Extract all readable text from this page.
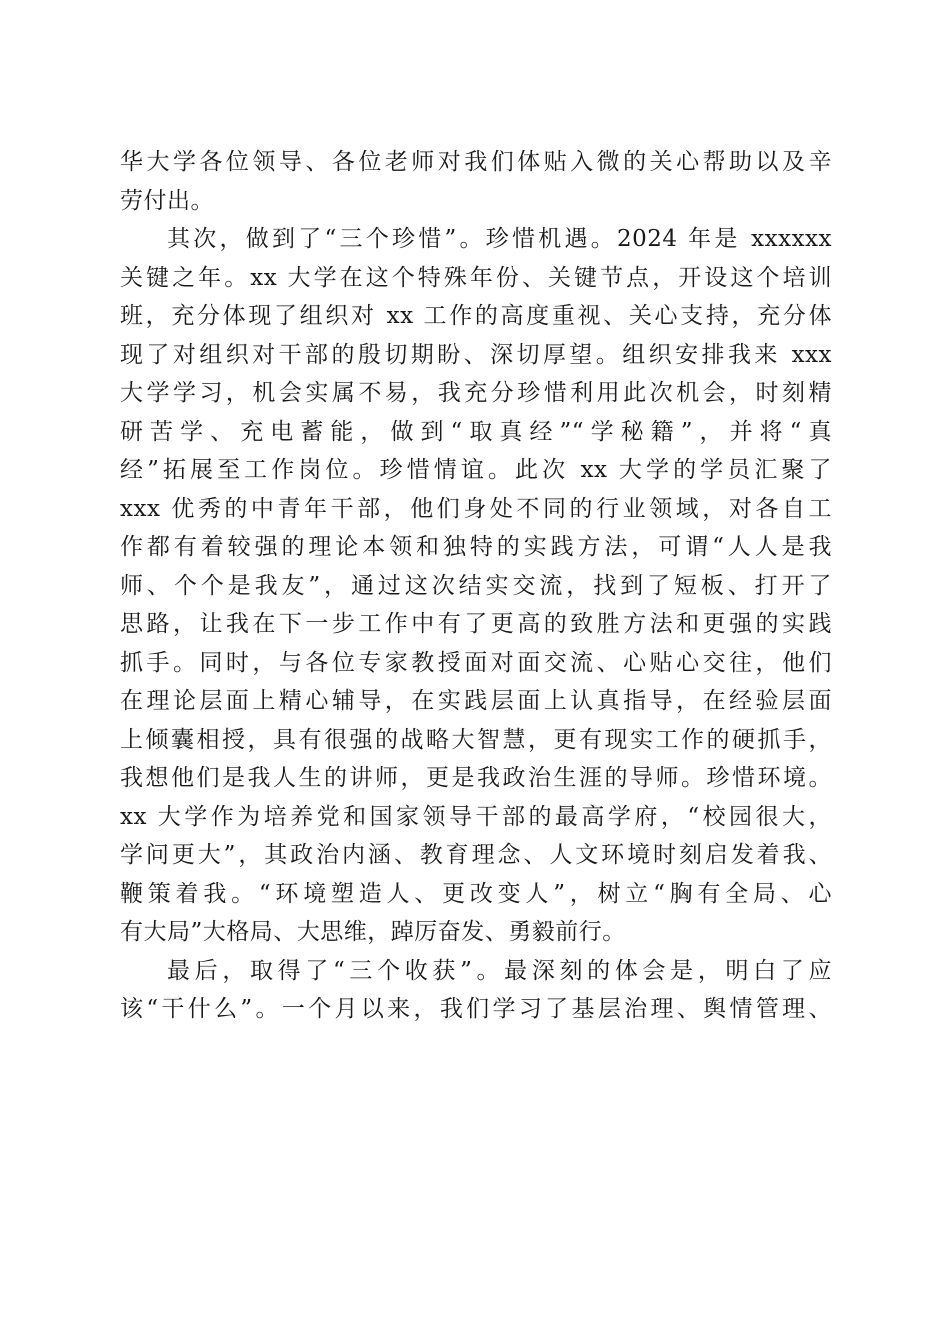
华大学各位领导、各位老师对我们体贴入微的关心帮助以及辛
劳付出。
其次，做到了“三个珍惜”。珍惜机遇。2024 年是 xxxxxx
关键之年。xx 大学在这个特殊年份、关键节点，开设这个培训
班，充分体现了组织对 xx 工作的高度重视、关心支持，充分体
现了对组织对干部的殷切期盼、深切厚望。组织安排我来 xxx
大学学习，机会实属不易，我充分珍惜利用此次机会，时刻精
研苦学、充电蓄能，做到“取真经”“学秘籍”，并将“真
经”拓展至工作岗位。珍惜情谊。此次 xx 大学的学员汇聚了
xxx 优秀的中青年干部，他们身处不同的行业领域，对各自工
作都有着较强的理论本领和独特的实践方法，可谓“人人是我
师、个个是我友”，通过这次结实交流，找到了短板、打开了
思路，让我在下一步工作中有了更高的致胜方法和更强的实践
抓手。同时，与各位专家教授面对面交流、心贴心交往，他们
在理论层面上精心辅导，在实践层面上认真指导，在经验层面
上倾囊相授，具有很强的战略大智慧，更有现实工作的硬抓手，
我想他们是我人生的讲师，更是我政治生涯的导师。珍惜环境。
xx 大学作为培养党和国家领导干部的最高学府，“校园很大，
学问更大”，其政治内涵、教育理念、人文环境时刻启发着我、
鞭策着我。“环境塑造人、更改变人”，树立“胸有全局、心
有大局”大格局、大思维，踔厉奋发、勇毅前行。
最后，取得了“三个收获”。最深刻的体会是，明白了应
该“干什么”。一个月以来，我们学习了基层治理、舆情管理、
